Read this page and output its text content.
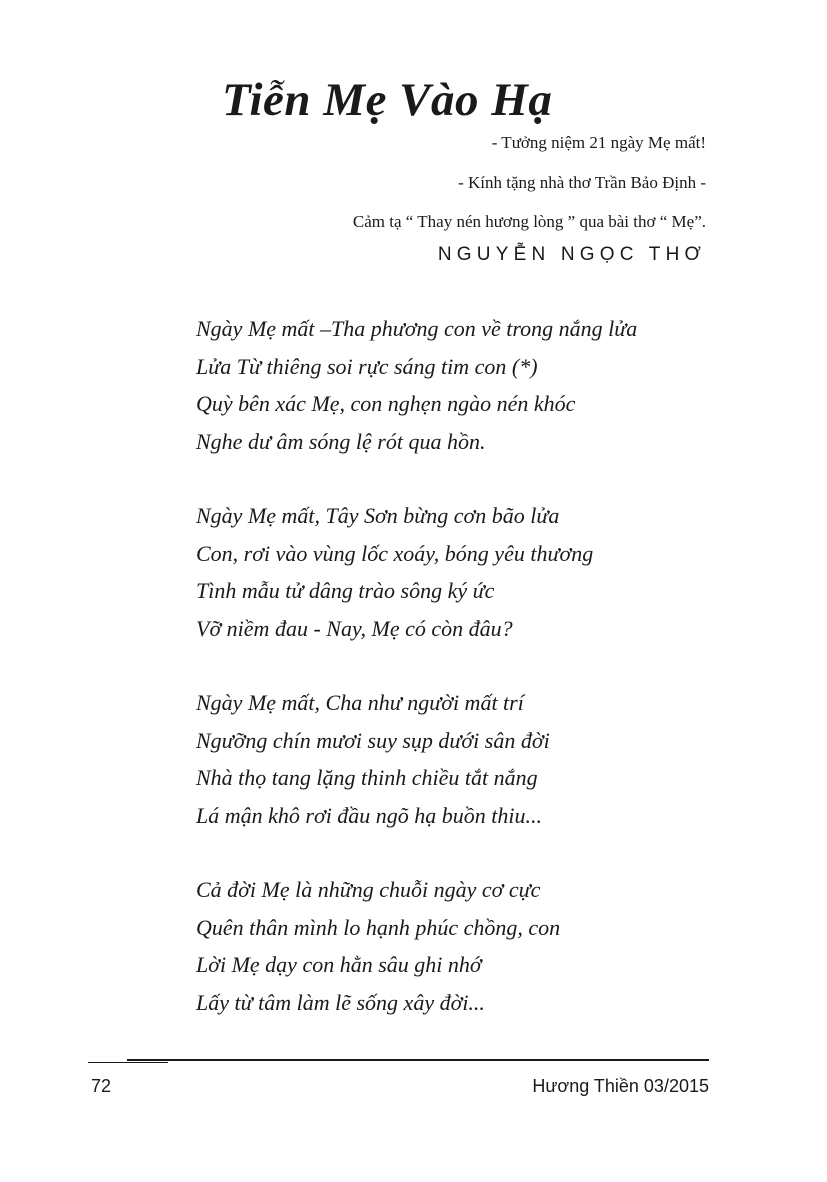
Tiễn Mẹ Vào Hạ

- Tưởng niệm 21 ngày Mẹ mất!

- Kính tặng nhà thơ Trần Bảo Định -

Cảm tạ “ Thay nén hương lòng ” qua bài thơ “ Mẹ”.

NGUYỄN NGỌC THƠ

Ngày Mẹ mất –Tha phương con về trong nắng lửa
Lửa Từ thiêng soi rực sáng tim con (*)
Quỳ bên xác Mẹ, con nghẹn ngào nén khóc
Nghe dư âm sóng lệ rót qua hồn.
Ngày Mẹ mất, Tây Sơn bừng cơn bão lửa
Con, rơi vào vùng lốc xoáy, bóng yêu thương
Tình mẫu tử dâng trào sông ký ức
Vỡ niềm đau - Nay, Mẹ có còn đâu?
Ngày Mẹ mất, Cha như người mất trí
Ngưỡng chín mươi suy sụp dưới sân đời
Nhà thọ tang lặng thinh chiều tắt nắng
Lá mận khô rơi đầu ngõ hạ buồn thiu...
Cả đời Mẹ là những chuỗi ngày cơ cực
Quên thân mình lo hạnh phúc chồng, con
Lời Mẹ dạy con hằn sâu ghi nhớ
Lấy từ tâm làm lẽ sống xây đời...

72	Hương Thiền 03/2015
